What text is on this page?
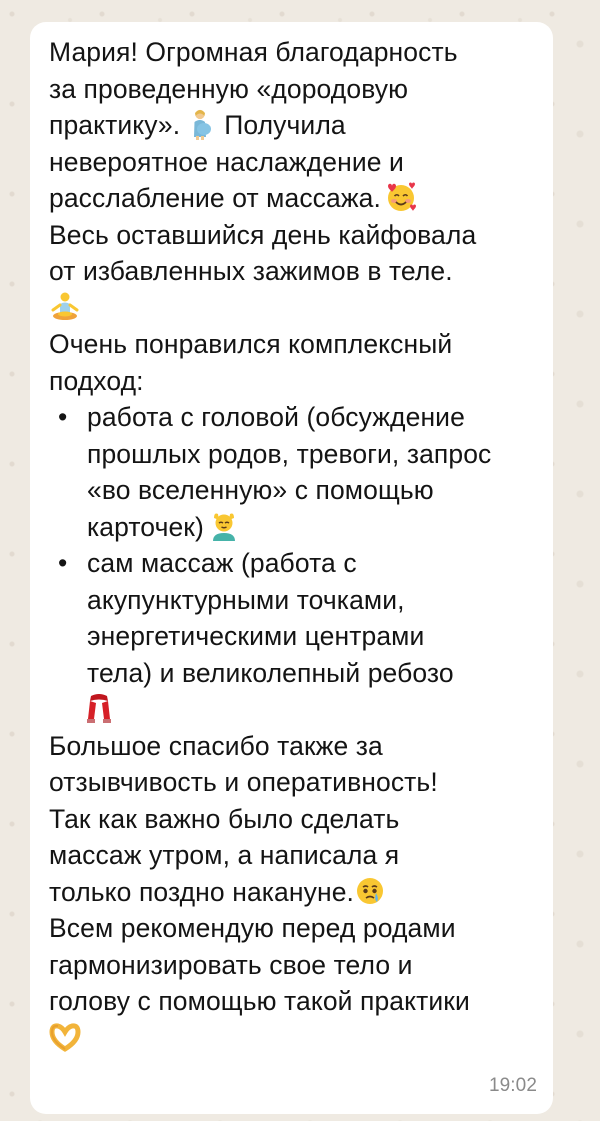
Мария! Огромная благодарность
за проведенную «дородовую
практику». Получила
невероятное наслаждение и
расслабление от массажа.
Весь оставшийся день кайфовала
от избавленных зажимов в теле.
Очень понравился комплексный
подход:
• работа с головой (обсуждение
прошлых родов, тревоги, запрос
«во вселенную» с помощью
карточек)
• сам массаж (работа с
акупунктурными точками,
энергетическими центрами
тела) и великолепный ребозо
Большое спасибо также за
отзывчивость и оперативность!
Так как важно было сделать
массаж утром, а написала я
только поздно накануне.
Всем рекомендую перед родами
гармонизировать свое тело и
голову с помощью такой практики
19:02
